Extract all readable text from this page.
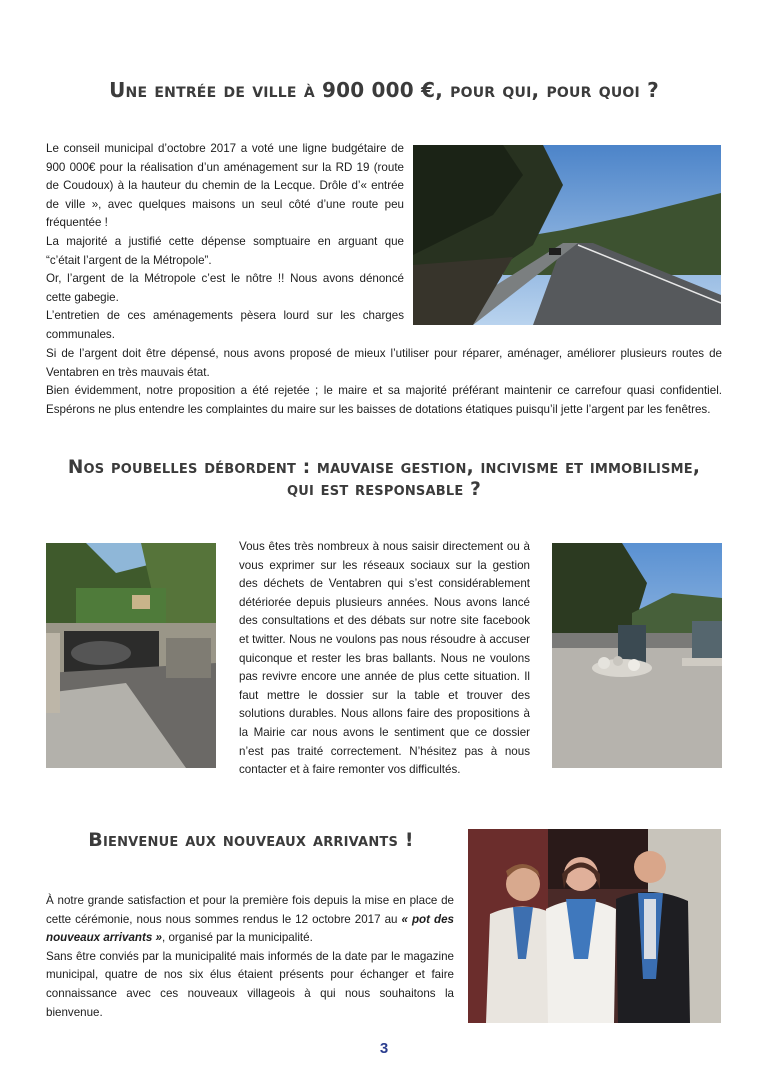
Une entrée de ville à 900 000 €, pour qui, pour quoi ?

Le conseil municipal d’octobre 2017 a voté une ligne budgétaire de 900 000€ pour la réalisation d’un aménagement sur la RD 19 (route de Coudoux) à la hauteur du chemin de la Lecque. Drôle d’« entrée de ville », avec quelques maisons un seul côté d’une route peu fréquentée !

La majorité a justifié cette dépense somptuaire en arguant que “c’était l’argent de la Métropole”.

Or, l’argent de la Métropole c’est le nôtre !! Nous avons dénoncé cette gabegie.

L’entretien de ces aménagements pèsera lourd sur les charges communales.

Si de l’argent doit être dépensé, nous avons proposé de mieux l’utiliser pour réparer, aménager, améliorer plusieurs routes de Ventabren en très mauvais état.

Bien évidemment, notre proposition a été rejetée ; le maire et sa majorité préférant maintenir ce carrefour quasi confidentiel. Espérons ne plus entendre les complaintes du maire sur les baisses de dotations étatiques puisqu’il jette l’argent par les fenêtres.

Nos poubelles débordent : mauvaise gestion, incivisme et immobilisme,
qui est responsable ?
Vous êtes très nombreux à nous saisir directement ou à vous exprimer sur les réseaux sociaux sur la gestion des déchets de Ventabren qui s’est considérablement détériorée depuis plusieurs années. Nous avons lancé des consultations et des débats sur notre site facebook et twitter. Nous ne voulons pas nous résoudre à accuser quiconque et rester les bras ballants. Nous ne voulons pas revivre encore une année de plus cette situation. Il faut mettre le dossier sur la table et trouver des solutions durables. Nous allons faire des propositions à la Mairie car nous avons le sentiment que ce dossier n’est pas traité correctement. N’hésitez pas à nous contacter et à faire remonter vos difficultés.
Bienvenue aux nouveaux arrivants !

À notre grande satisfaction et pour la première fois depuis la mise en place de cette cérémonie, nous nous sommes rendus le 12 octobre 2017 au « pot des nouveaux arrivants », organisé par la municipalité.

Sans être conviés par la municipalité mais informés de la date par le magazine municipal, quatre de nos six élus étaient présents pour échanger et faire connaissance avec ces nouveaux villageois à qui nous souhaitons la bienvenue.

3
